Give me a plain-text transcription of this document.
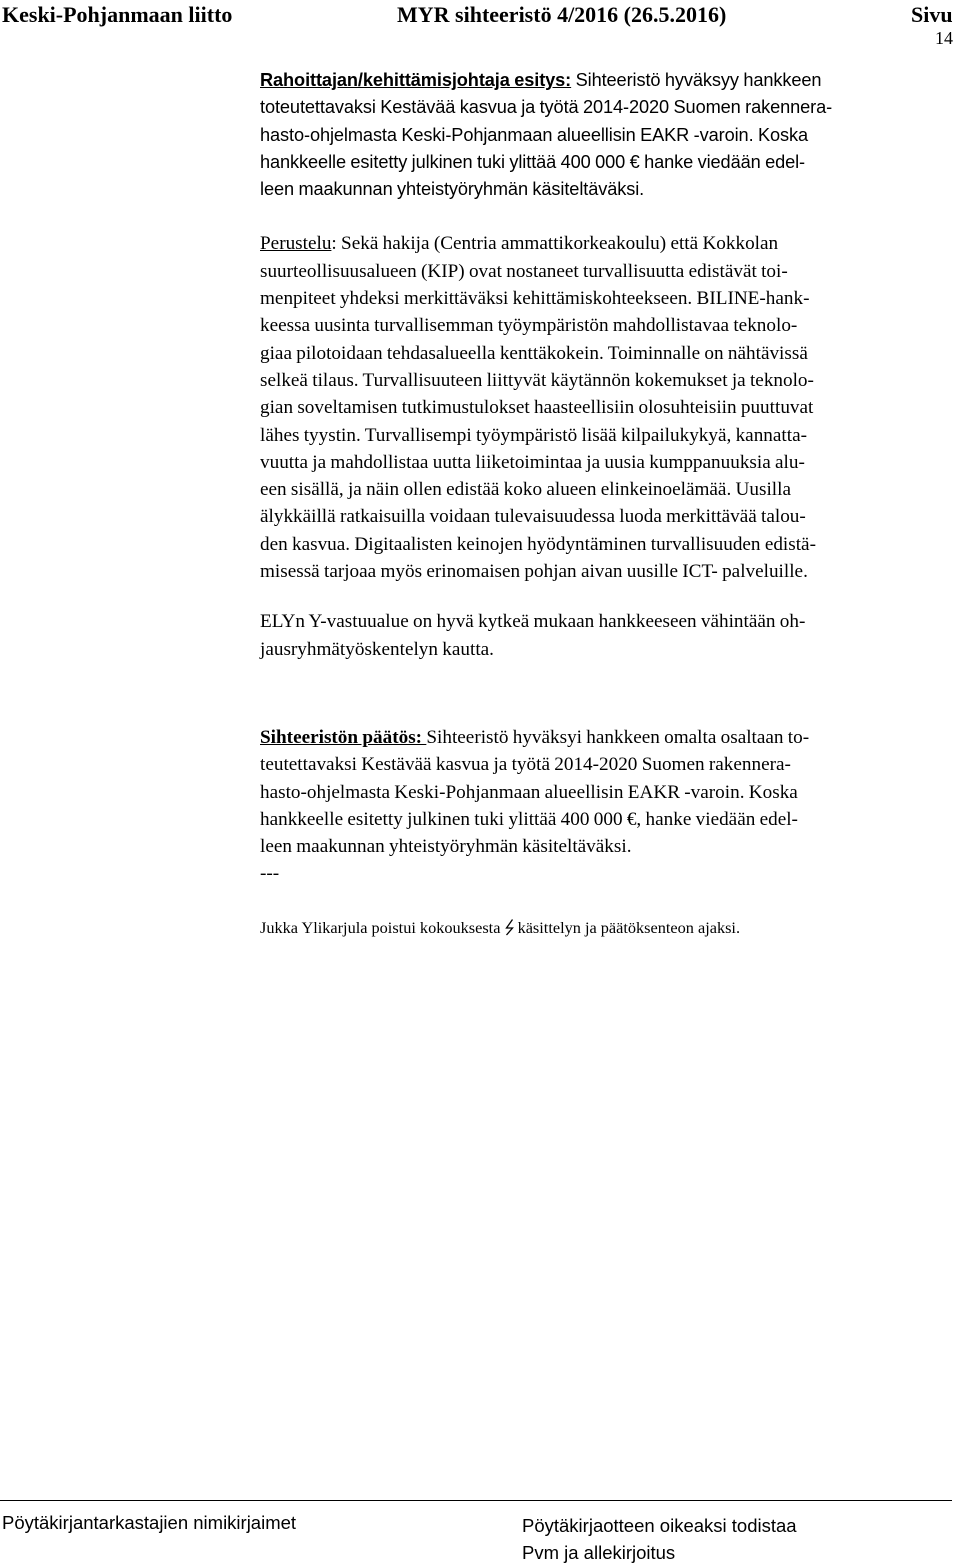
Keski-Pohjanmaan liitto	MYR sihteeristö 4/2016 (26.5.2016)	Sivu
14

Rahoittajan/kehittämisjohtaja esitys: Sihteeristö hyväksyy hankkeen
toteutettavaksi Kestävää kasvua ja työtä 2014-2020 Suomen rakennera-
hasto-ohjelmasta Keski-Pohjanmaan alueellisin EAKR -varoin. Koska
hankkeelle esitetty julkinen tuki ylittää 400 000 € hanke viedään edel-
leen maakunnan yhteistyöryhmän käsiteltäväksi.

Perustelu: Sekä hakija (Centria ammattikorkeakoulu) että Kokkolan
suurteollisuusalueen (KIP) ovat nostaneet turvallisuutta edistävät toi-
menpiteet yhdeksi merkittäväksi kehittämiskohteekseen. BILINE-hank-
keessa uusinta turvallisemman työympäristön mahdollistavaa teknolo-
giaa pilotoidaan tehdasalueella kenttäkokein. Toiminnalle on nähtävissä
selkeä tilaus. Turvallisuuteen liittyvät käytännön kokemukset ja teknolo-
gian soveltamisen tutkimustulokset haasteellisiin olosuhteisiin puuttuvat
lähes tyystin. Turvallisempi työympäristö lisää kilpailukykyä, kannatta-
vuutta ja mahdollistaa uutta liiketoimintaa ja uusia kumppanuuksia alu-
een sisällä, ja näin ollen edistää koko alueen elinkeinoelämää. Uusilla
älykkäillä ratkaisuilla voidaan tulevaisuudessa luoda merkittävää talou-
den kasvua. Digitaalisten keinojen hyödyntäminen turvallisuuden edistä-
misessä tarjoaa myös erinomaisen pohjan aivan uusille ICT- palveluille.

ELYn Y-vastuualue on hyvä kytkeä mukaan hankkeeseen vähintään oh-
jausryhmätyöskentelyn kautta.

Sihteeristön päätös: Sihteeristö hyväksyi hankkeen omalta osaltaan to-
teutettavaksi Kestävää kasvua ja työtä 2014-2020 Suomen rakennera-
hasto-ohjelmasta Keski-Pohjanmaan alueellisin EAKR -varoin. Koska
hankkeelle esitetty julkinen tuki ylittää 400 000 €, hanke viedään edel-
leen maakunnan yhteistyöryhmän käsiteltäväksi.
---

Jukka Ylikarjula poistui kokouksesta  käsittelyn ja päätöksenteon ajaksi.

Pöytäkirjantarkastajien nimikirjaimet	Pöytäkirjaotteen oikeaksi todistaa
Pvm ja allekirjoitus
